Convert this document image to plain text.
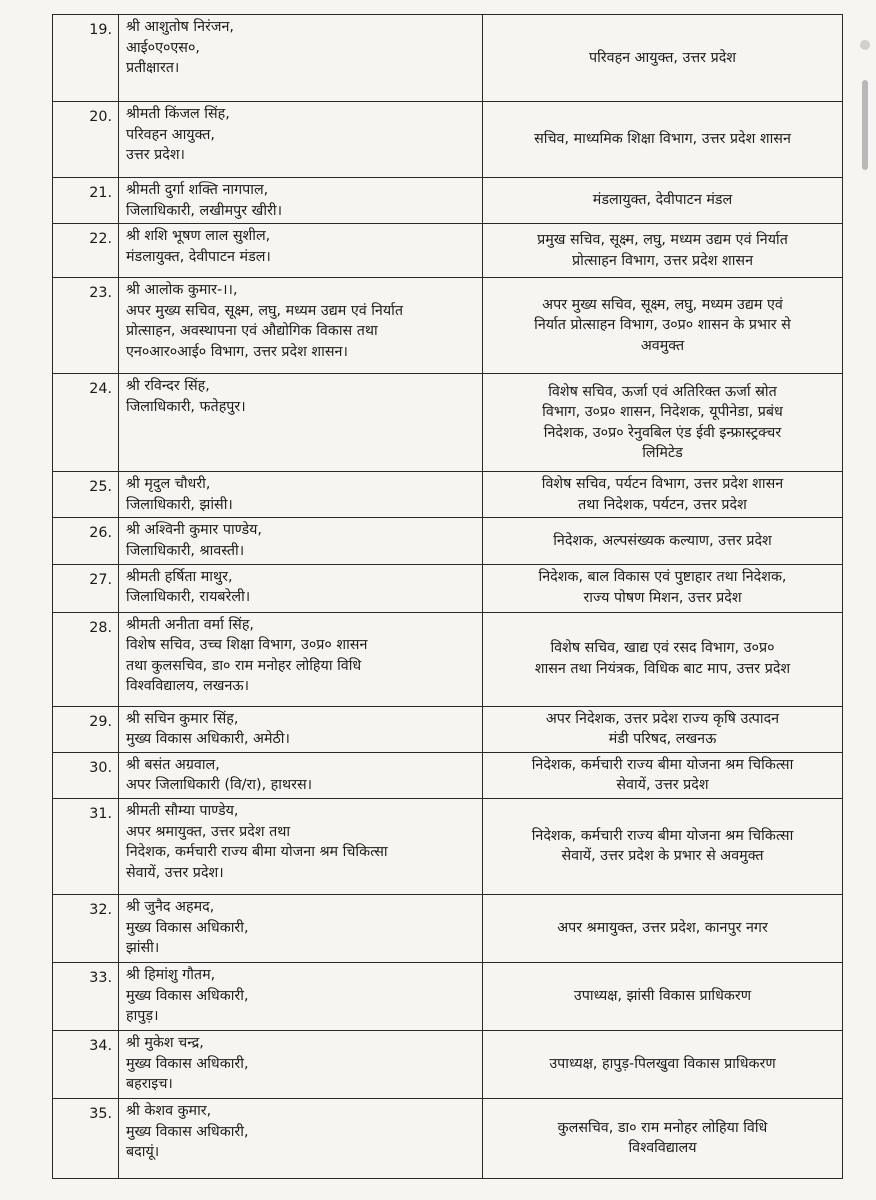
19.	श्री आशुतोष निरंजन,
आई०ए०एस०,
प्रतीक्षारत।	परिवहन आयुक्त, उत्तर प्रदेश

20.	श्रीमती किंजल सिंह,
परिवहन आयुक्त,
उत्तर प्रदेश।	सचिव, माध्यमिक शिक्षा विभाग, उत्तर प्रदेश शासन

21.	श्रीमती दुर्गा शक्ति नागपाल,
जिलाधिकारी, लखीमपुर खीरी।	मंडलायुक्त, देवीपाटन मंडल

22.	श्री शशि भूषण लाल सुशील,
मंडलायुक्त, देवीपाटन मंडल।	प्रमुख सचिव, सूक्ष्म, लघु, मध्यम उद्यम एवं निर्यात
प्रोत्साहन विभाग, उत्तर प्रदेश शासन

23.	श्री आलोक कुमार-।।,
अपर मुख्य सचिव, सूक्ष्म, लघु, मध्यम उद्यम एवं निर्यात
प्रोत्साहन, अवस्थापना एवं औद्योगिक विकास तथा
एन०आर०आई० विभाग, उत्तर प्रदेश शासन।	अपर मुख्य सचिव, सूक्ष्म, लघु, मध्यम उद्यम एवं
निर्यात प्रोत्साहन विभाग, उ०प्र० शासन के प्रभार से
अवमुक्त

24.	श्री रविन्दर सिंह,
जिलाधिकारी, फतेहपुर।	विशेष सचिव, ऊर्जा एवं अतिरिक्त ऊर्जा स्रोत
विभाग, उ०प्र० शासन, निदेशक, यूपीनेडा, प्रबंध
निदेशक, उ०प्र० रेनुवबिल एंड ईवी इन्फ्रास्ट्रक्चर
लिमिटेड

25.	श्री मृदुल चौधरी,
जिलाधिकारी, झांसी।	विशेष सचिव, पर्यटन विभाग, उत्तर प्रदेश शासन
तथा निदेशक, पर्यटन, उत्तर प्रदेश

26.	श्री अश्विनी कुमार पाण्डेय,
जिलाधिकारी, श्रावस्ती।	निदेशक, अल्पसंख्यक कल्याण, उत्तर प्रदेश

27.	श्रीमती हर्षिता माथुर,
जिलाधिकारी, रायबरेली।	निदेशक, बाल विकास एवं पुष्टाहार तथा निदेशक,
राज्य पोषण मिशन, उत्तर प्रदेश

28.	श्रीमती अनीता वर्मा सिंह,
विशेष सचिव, उच्च शिक्षा विभाग, उ०प्र० शासन
तथा कुलसचिव, डा० राम मनोहर लोहिया विधि
विश्वविद्यालय, लखनऊ।	विशेष सचिव, खाद्य एवं रसद विभाग, उ०प्र०
शासन तथा नियंत्रक, विधिक बाट माप, उत्तर प्रदेश

29.	श्री सचिन कुमार सिंह,
मुख्य विकास अधिकारी, अमेठी।	अपर निदेशक, उत्तर प्रदेश राज्य कृषि उत्पादन
मंडी परिषद, लखनऊ

30.	श्री बसंत अग्रवाल,
अपर जिलाधिकारी (वि/रा), हाथरस।	निदेशक, कर्मचारी राज्य बीमा योजना श्रम चिकित्सा
सेवायें, उत्तर प्रदेश

31.	श्रीमती सौम्या पाण्डेय,
अपर श्रमायुक्त, उत्तर प्रदेश तथा
निदेशक, कर्मचारी राज्य बीमा योजना श्रम चिकित्सा
सेवायें, उत्तर प्रदेश।	निदेशक, कर्मचारी राज्य बीमा योजना श्रम चिकित्सा
सेवायें, उत्तर प्रदेश के प्रभार से अवमुक्त

32.	श्री जुनैद अहमद,
मुख्य विकास अधिकारी,
झांसी।	अपर श्रमायुक्त, उत्तर प्रदेश, कानपुर नगर

33.	श्री हिमांशु गौतम,
मुख्य विकास अधिकारी,
हापुड़।	उपाध्यक्ष, झांसी विकास प्राधिकरण

34.	श्री मुकेश चन्द्र,
मुख्य विकास अधिकारी,
बहराइच।	उपाध्यक्ष, हापुड़-पिलखुवा विकास प्राधिकरण

35.	श्री केशव कुमार,
मुख्य विकास अधिकारी,
बदायूं।	कुलसचिव, डा० राम मनोहर लोहिया विधि
विश्वविद्यालय
